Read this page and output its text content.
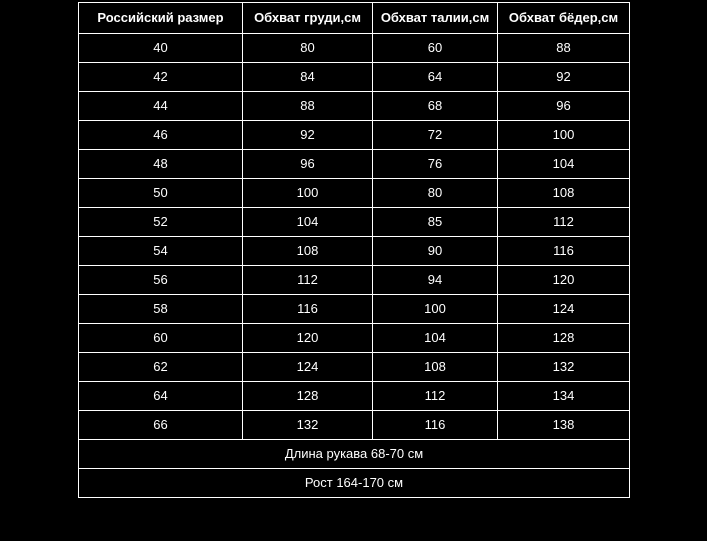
Российский размер	Обхват груди,см	Обхват талии,см	Обхват бёдер,см
40	80	60	88
42	84	64	92
44	88	68	96
46	92	72	100
48	96	76	104
50	100	80	108
52	104	85	112
54	108	90	116
56	112	94	120
58	116	100	124
60	120	104	128
62	124	108	132
64	128	112	134
66	132	116	138
Длина рукава 68-70 см			
Рост 164-170 см			
